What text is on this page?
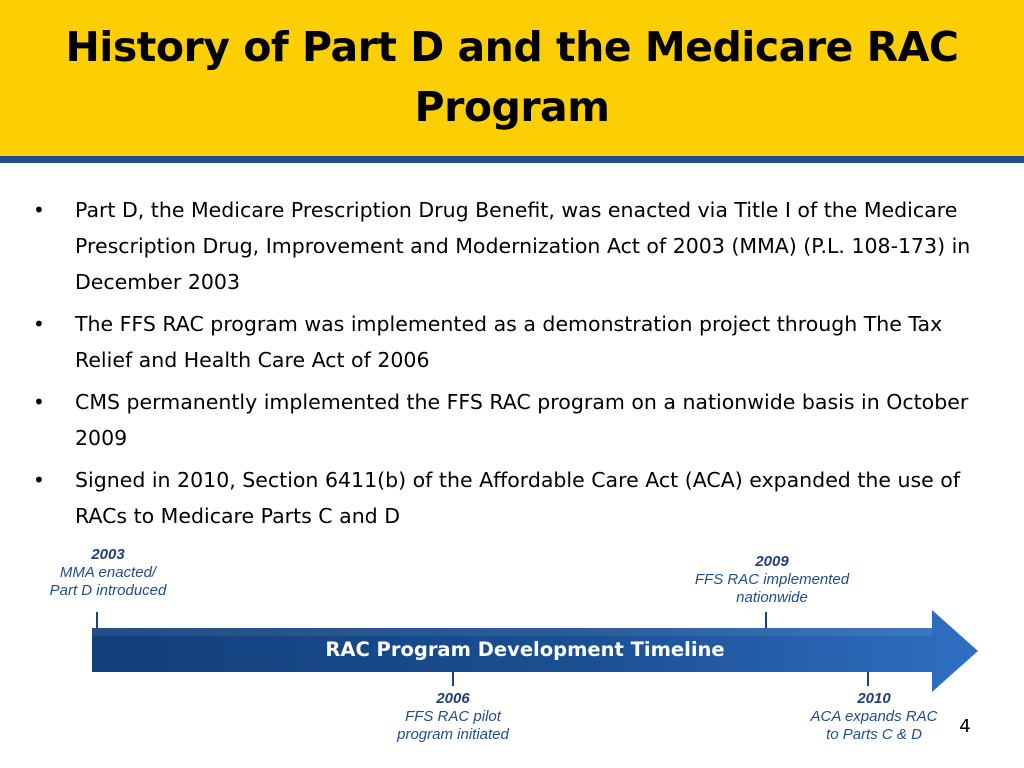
History of Part D and the Medicare RAC Program
• Part D, the Medicare Prescription Drug Benefit, was enacted via Title I of the Medicare Prescription Drug, Improvement and Modernization Act of 2003 (MMA) (P.L. 108-173) in December 2003
• The FFS RAC program was implemented as a demonstration project through The Tax Relief and Health Care Act of 2006
• CMS permanently implemented the FFS RAC program on a nationwide basis in October 2009
• Signed in 2010, Section 6411(b) of the Affordable Care Act (ACA) expanded the use of RACs to Medicare Parts C and D
RAC Program Development Timeline
2003
MMA enacted/
Part D introduced
2006
FFS RAC pilot
program initiated
2009
FFS RAC implemented
nationwide
2010
ACA expands RAC
to Parts C & D	4
